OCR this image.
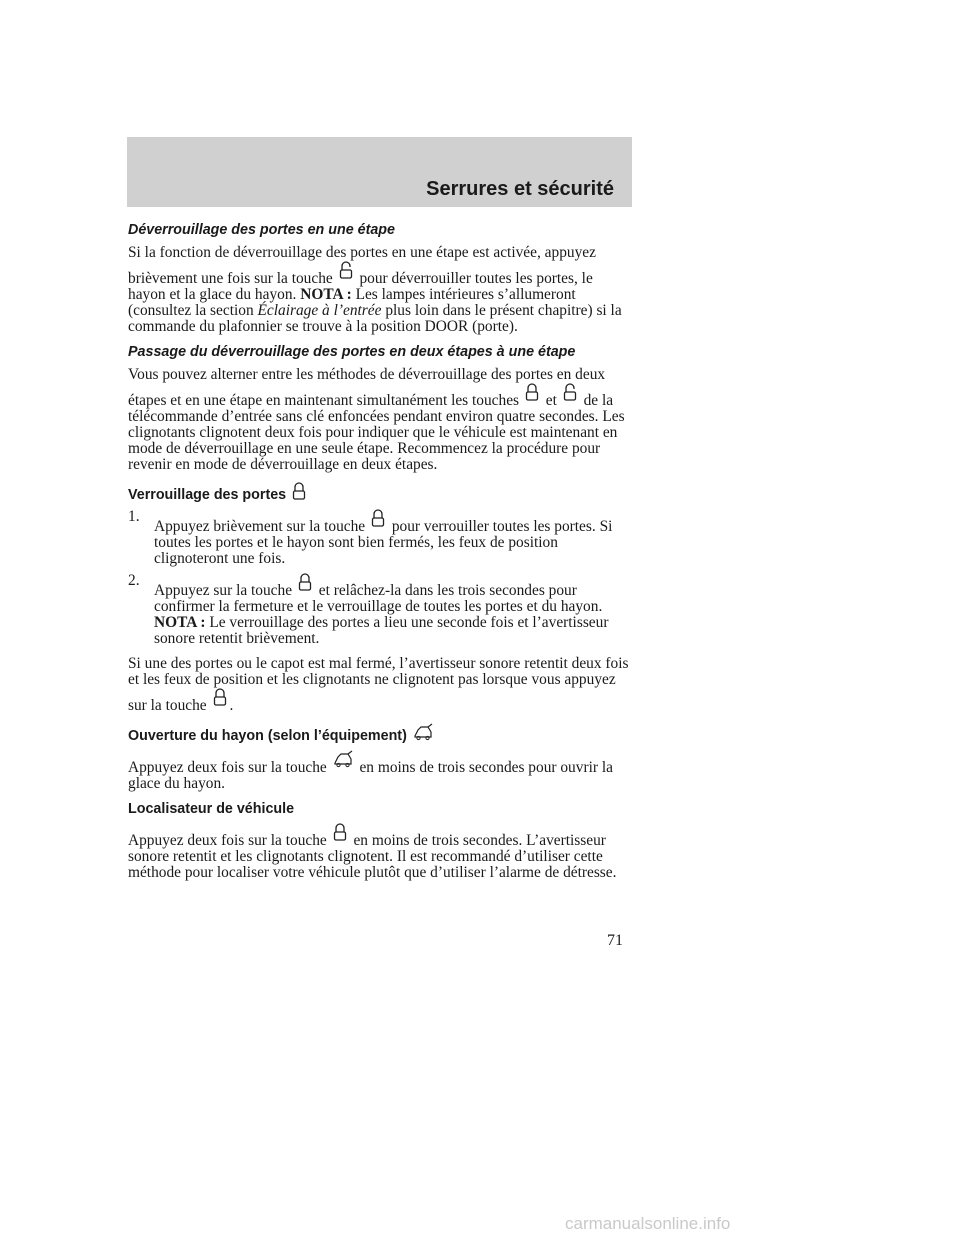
Serrures et sécurité
Déverrouillage des portes en une étape

Si la fonction de déverrouillage des portes en une étape est activée, appuyez brièvement une fois sur la touche pour déverrouiller toutes les portes, le hayon et la glace du hayon. NOTA : Les lampes intérieures s’allumeront (consultez la section Éclairage à l’entrée plus loin dans le présent chapitre) si la commande du plafonnier se trouve à la position DOOR (porte).

Passage du déverrouillage des portes en deux étapes à une étape

Vous pouvez alterner entre les méthodes de déverrouillage des portes en deux étapes et en une étape en maintenant simultanément les touches et de la télécommande d’entrée sans clé enfoncées pendant environ quatre secondes. Les clignotants clignotent deux fois pour indiquer que le véhicule est maintenant en mode de déverrouillage en une seule étape. Recommencez la procédure pour revenir en mode de déverrouillage en deux étapes.

Verrouillage des portes
1.
Appuyez brièvement sur la touche pour verrouiller toutes les portes. Si toutes les portes et le hayon sont bien fermés, les feux de position clignoteront une fois.
2.
Appuyez sur la touche et relâchez-la dans les trois secondes pour confirmer la fermeture et le verrouillage de toutes les portes et du hayon. NOTA : Le verrouillage des portes a lieu une seconde fois et l’avertisseur sonore retentit brièvement.

Si une des portes ou le capot est mal fermé, l’avertisseur sonore retentit deux fois et les feux de position et les clignotants ne clignotent pas lorsque vous appuyez sur la touche .

Ouverture du hayon (selon l’équipement)

Appuyez deux fois sur la touche en moins de trois secondes pour ouvrir la glace du hayon.

Localisateur de véhicule

Appuyez deux fois sur la touche en moins de trois secondes. L’avertisseur sonore retentit et les clignotants clignotent. Il est recommandé d’utiliser cette méthode pour localiser votre véhicule plutôt que d’utiliser l’alarme de détresse.

71
carmanualsonline.info
